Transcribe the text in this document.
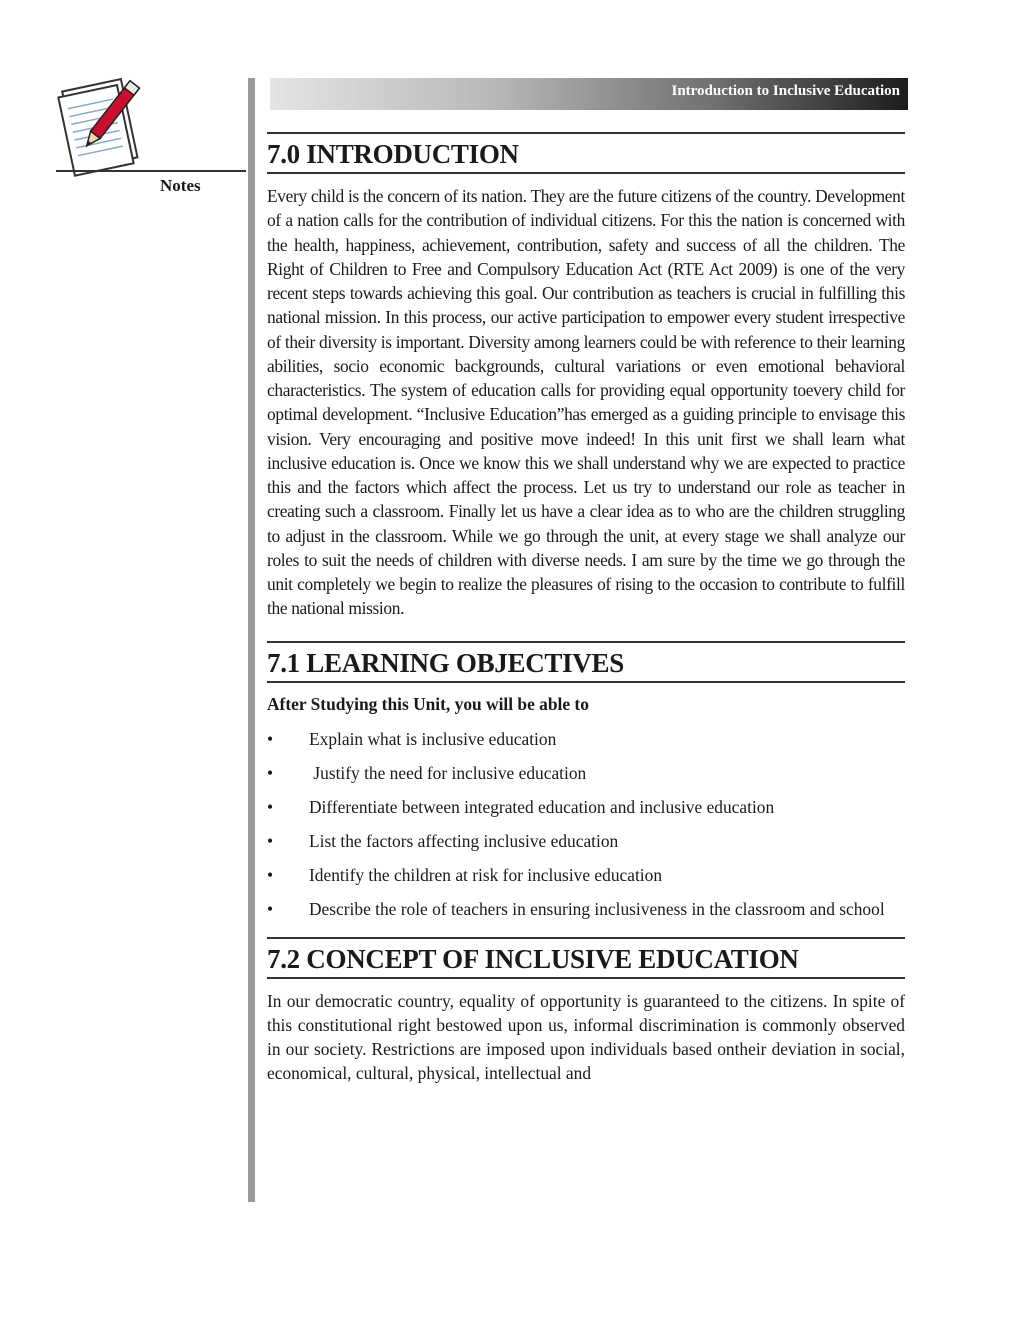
Notes
Introduction to Inclusive Education
7.0 INTRODUCTION

Every child is the concern of its nation. They are the future citizens of the country. Development of a nation calls for the contribution of individual citizens. For this the nation is concerned with the health, happiness, achievement, contribution, safety and success of all the children. The Right of Children to Free and Compulsory Education Act (RTE Act 2009) is one of the very recent steps towards achieving this goal. Our contribution as teachers is crucial in fulfilling this national mission. In this process, our active participation to empower every student irrespective of their diversity is important. Diversity among learners could be with reference to their learning abilities, socio economic backgrounds, cultural variations or even emotional behavioral characteristics. The system of education calls for providing equal opportunity toevery child for optimal development. “Inclusive Education”has emerged as a guiding principle to envisage this vision. Very encouraging and positive move indeed! In this unit first we shall learn what inclusive education is. Once we know this we shall understand why we are expected to practice this and the factors which affect the process. Let us try to understand our role as teacher in creating such a classroom. Finally let us have a clear idea as to who are the children struggling to adjust in the classroom. While we go through the unit, at every stage we shall analyze our roles to suit the needs of children with diverse needs. I am sure by the time we go through the unit completely we begin to realize the pleasures of rising to the occasion to contribute to fulfill the national mission.

7.1 LEARNING OBJECTIVES

After Studying this Unit, you will be able to

•	Explain what is inclusive education
•	Justify the need for inclusive education
•	Differentiate between integrated education and inclusive education
•	List the factors affecting inclusive education
•	Identify the children at risk for inclusive education
•	Describe the role of teachers in ensuring inclusiveness in the classroom and school
7.2 CONCEPT OF INCLUSIVE EDUCATION

In our democratic country, equality of opportunity is guaranteed to the citizens. In spite of this constitutional right bestowed upon us, informal discrimination is commonly observed in our society. Restrictions are imposed upon individuals based ontheir deviation in social, economical, cultural, physical, intellectual and
